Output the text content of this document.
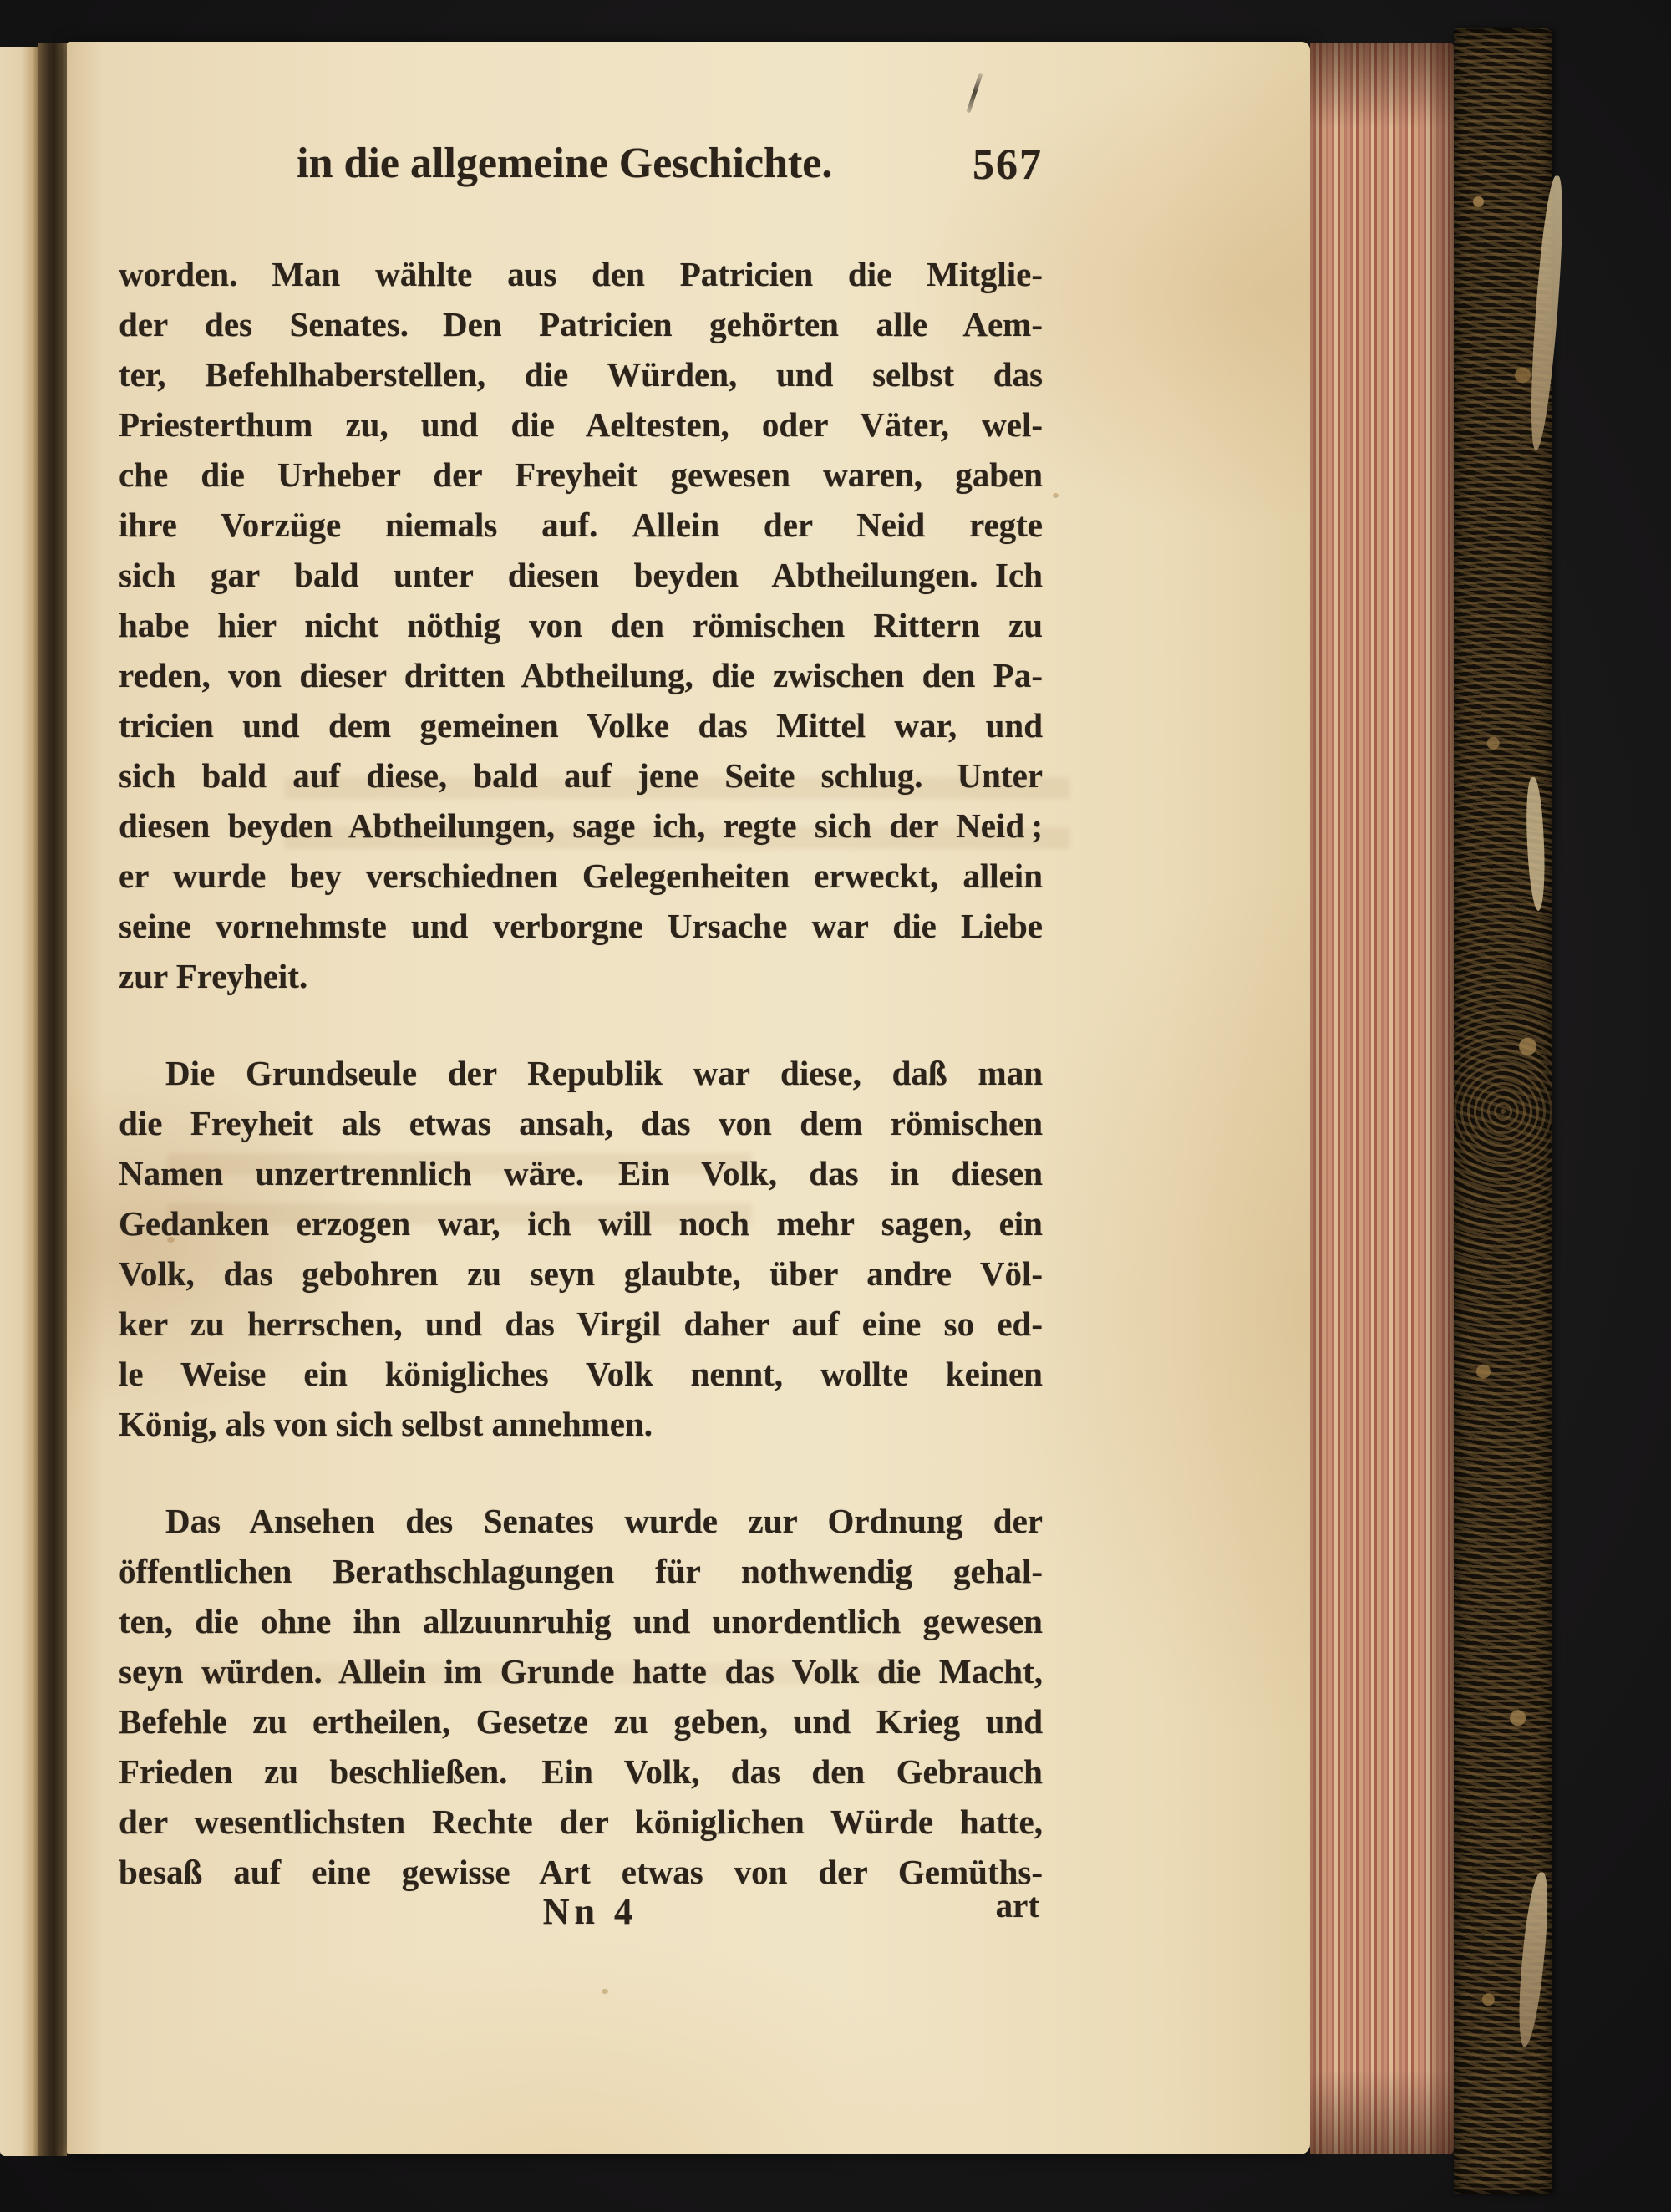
in die allgemeine Geschichte.	567
worden. Man wählte aus den Patricien die Mitglie-
der des Senates. Den Patricien gehörten alle Aem-
ter, Befehlhaberstellen, die Würden, und selbst das
Priesterthum zu, und die Aeltesten, oder Väter, wel-
che die Urheber der Freyheit gewesen waren, gaben
ihre Vorzüge niemals auf. Allein der Neid regte
sich gar bald unter diesen beyden Abtheilungen. Ich
habe hier nicht nöthig von den römischen Rittern zu
reden, von dieser dritten Abtheilung, die zwischen den Pa-
tricien und dem gemeinen Volke das Mittel war, und
sich bald auf diese, bald auf jene Seite schlug. Unter
diesen beyden Abtheilungen, sage ich, regte sich der Neid ;
er wurde bey verschiednen Gelegenheiten erweckt, allein
seine vornehmste und verborgne Ursache war die Liebe
zur Freyheit.
Die Grundseule der Republik war diese, daß man
die Freyheit als etwas ansah, das von dem römischen
Namen unzertrennlich wäre. Ein Volk, das in diesen
Gedanken erzogen war, ich will noch mehr sagen, ein
Volk, das gebohren zu seyn glaubte, über andre Völ-
ker zu herrschen, und das Virgil daher auf eine so ed-
le Weise ein königliches Volk nennt, wollte keinen
König, als von sich selbst annehmen.
Das Ansehen des Senates wurde zur Ordnung der
öffentlichen Berathschlagungen für nothwendig gehal-
ten, die ohne ihn allzuunruhig und unordentlich gewesen
seyn würden. Allein im Grunde hatte das Volk die Macht,
Befehle zu ertheilen, Gesetze zu geben, und Krieg und
Frieden zu beschließen. Ein Volk, das den Gebrauch
der wesentlichsten Rechte der königlichen Würde hatte,
besaß auf eine gewisse Art etwas von der Gemüths-
Nn 4	art
